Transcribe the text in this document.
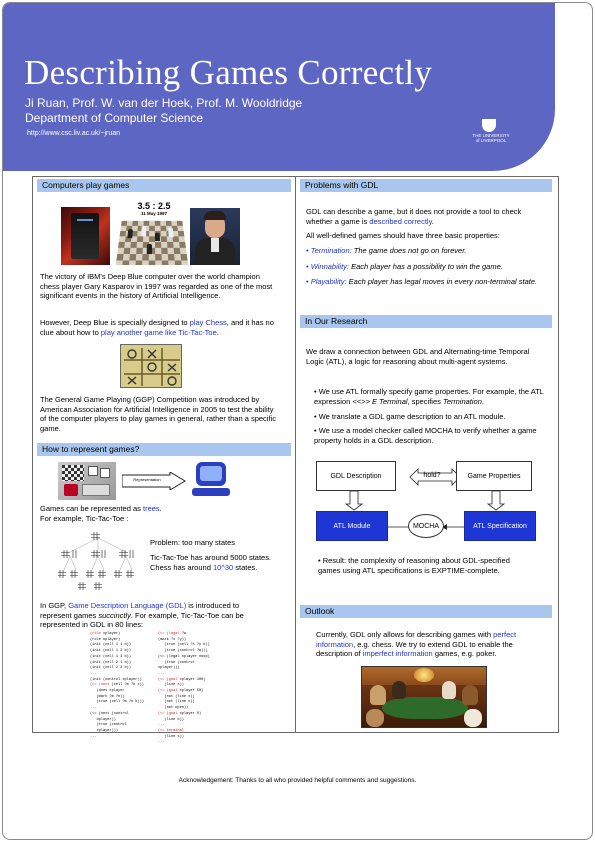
Describing Games Correctly
Ji Ruan, Prof. W. van der Hoek, Prof. M. Wooldridge
Department of Computer Science
http://www.csc.liv.ac.uk/~jruan	THE UNIVERSITY
of LIVERPOOL
Computers play games
3.5 : 2.5
11 May 1997
The victory of IBM's Deep Blue computer over the world champion chess player Gary Kasparov in 1997 was regarded as one of the most significant events in the history of Artificial Intelligence.
However, Deep Blue is specially designed to play Chess, and it has no clue about how to play another game like Tic-Tac-Toe.
The General Game Playing (GGP) Competition was introduced by American Association for Artificial Intelligence in 2005 to test the ability of the computer players to play games in general, rather than a specific game.
How to represent games?
Representation
Games can be represented as trees.
For example, Tic-Tac-Toe :
Problem: too many states
Tic-Tac-Toe has around 5000 states.
Chess has around 10^30 states.
In GGP, Game Description Language (GDL) is introduced to represent games succinctly. For example, Tic-Tac-Toe can be represented in GDL in 80 lines:
(role xplayer)
(role oplayer)
(init (cell 1 1 b))
(init (cell 1 2 b))
(init (cell 1 3 b))
(init (cell 2 1 b))
(init (cell 2 2 b))
...
(init (control xplayer))
(<= (next (cell ?m ?n x))
(does xplayer
(mark ?m ?n))
(true (cell ?m ?n b)))
...
(<= (next (control
oplayer))
(true (control
xplayer)))
...
(<= (legal ?w
(mark ?x ?y))
(true (cell ?x ?y b))
(true (control ?w)))
(<= (legal oplayer noop)
(true (control
xplayer)))
...
(<= (goal xplayer 100)
(line x))
(<= (goal xplayer 50)
(not (line x))
(not (line o))
(not open))
(<= (goal xplayer 0)
(line o))
...
(<= terminal
(line x))
...
Problems with GDL
GDL can describe a game, but it does not provide a tool to check whether a game is described correctly.
All well-defined games should have three basic properties:
• Termination: The game does not go on forever.
• Winnability: Each player has a possibility to win the game.
• Playability: Each player has legal moves in every non-terminal state.
In Our Research
We draw a connection between GDL and Alternating-time Temporal Logic (ATL), a logic for reasoning about multi-agent systems.
• We use ATL formally specify game properties. For example, the ATL expression <<>> E Terminal, specifies Termination.
• We translate a GDL game description to an ATL module.
• We use a model checker called MOCHA to verify whether a game property holds in a GDL description.
GDL Description	hold?	Game Properties
ATL Module	MOCHA	ATL Specification
• Result: the complexity of reasoning about GDL-specified games using ATL specifications is EXPTIME-complete.
Outlook
Currently, GDL only allows for describing games with perfect information, e.g. chess. We try to extend GDL to enable the description of imperfect information games, e.g. poker.
Acknowledgement: Thanks to all who provided helpful comments and suggestions.
